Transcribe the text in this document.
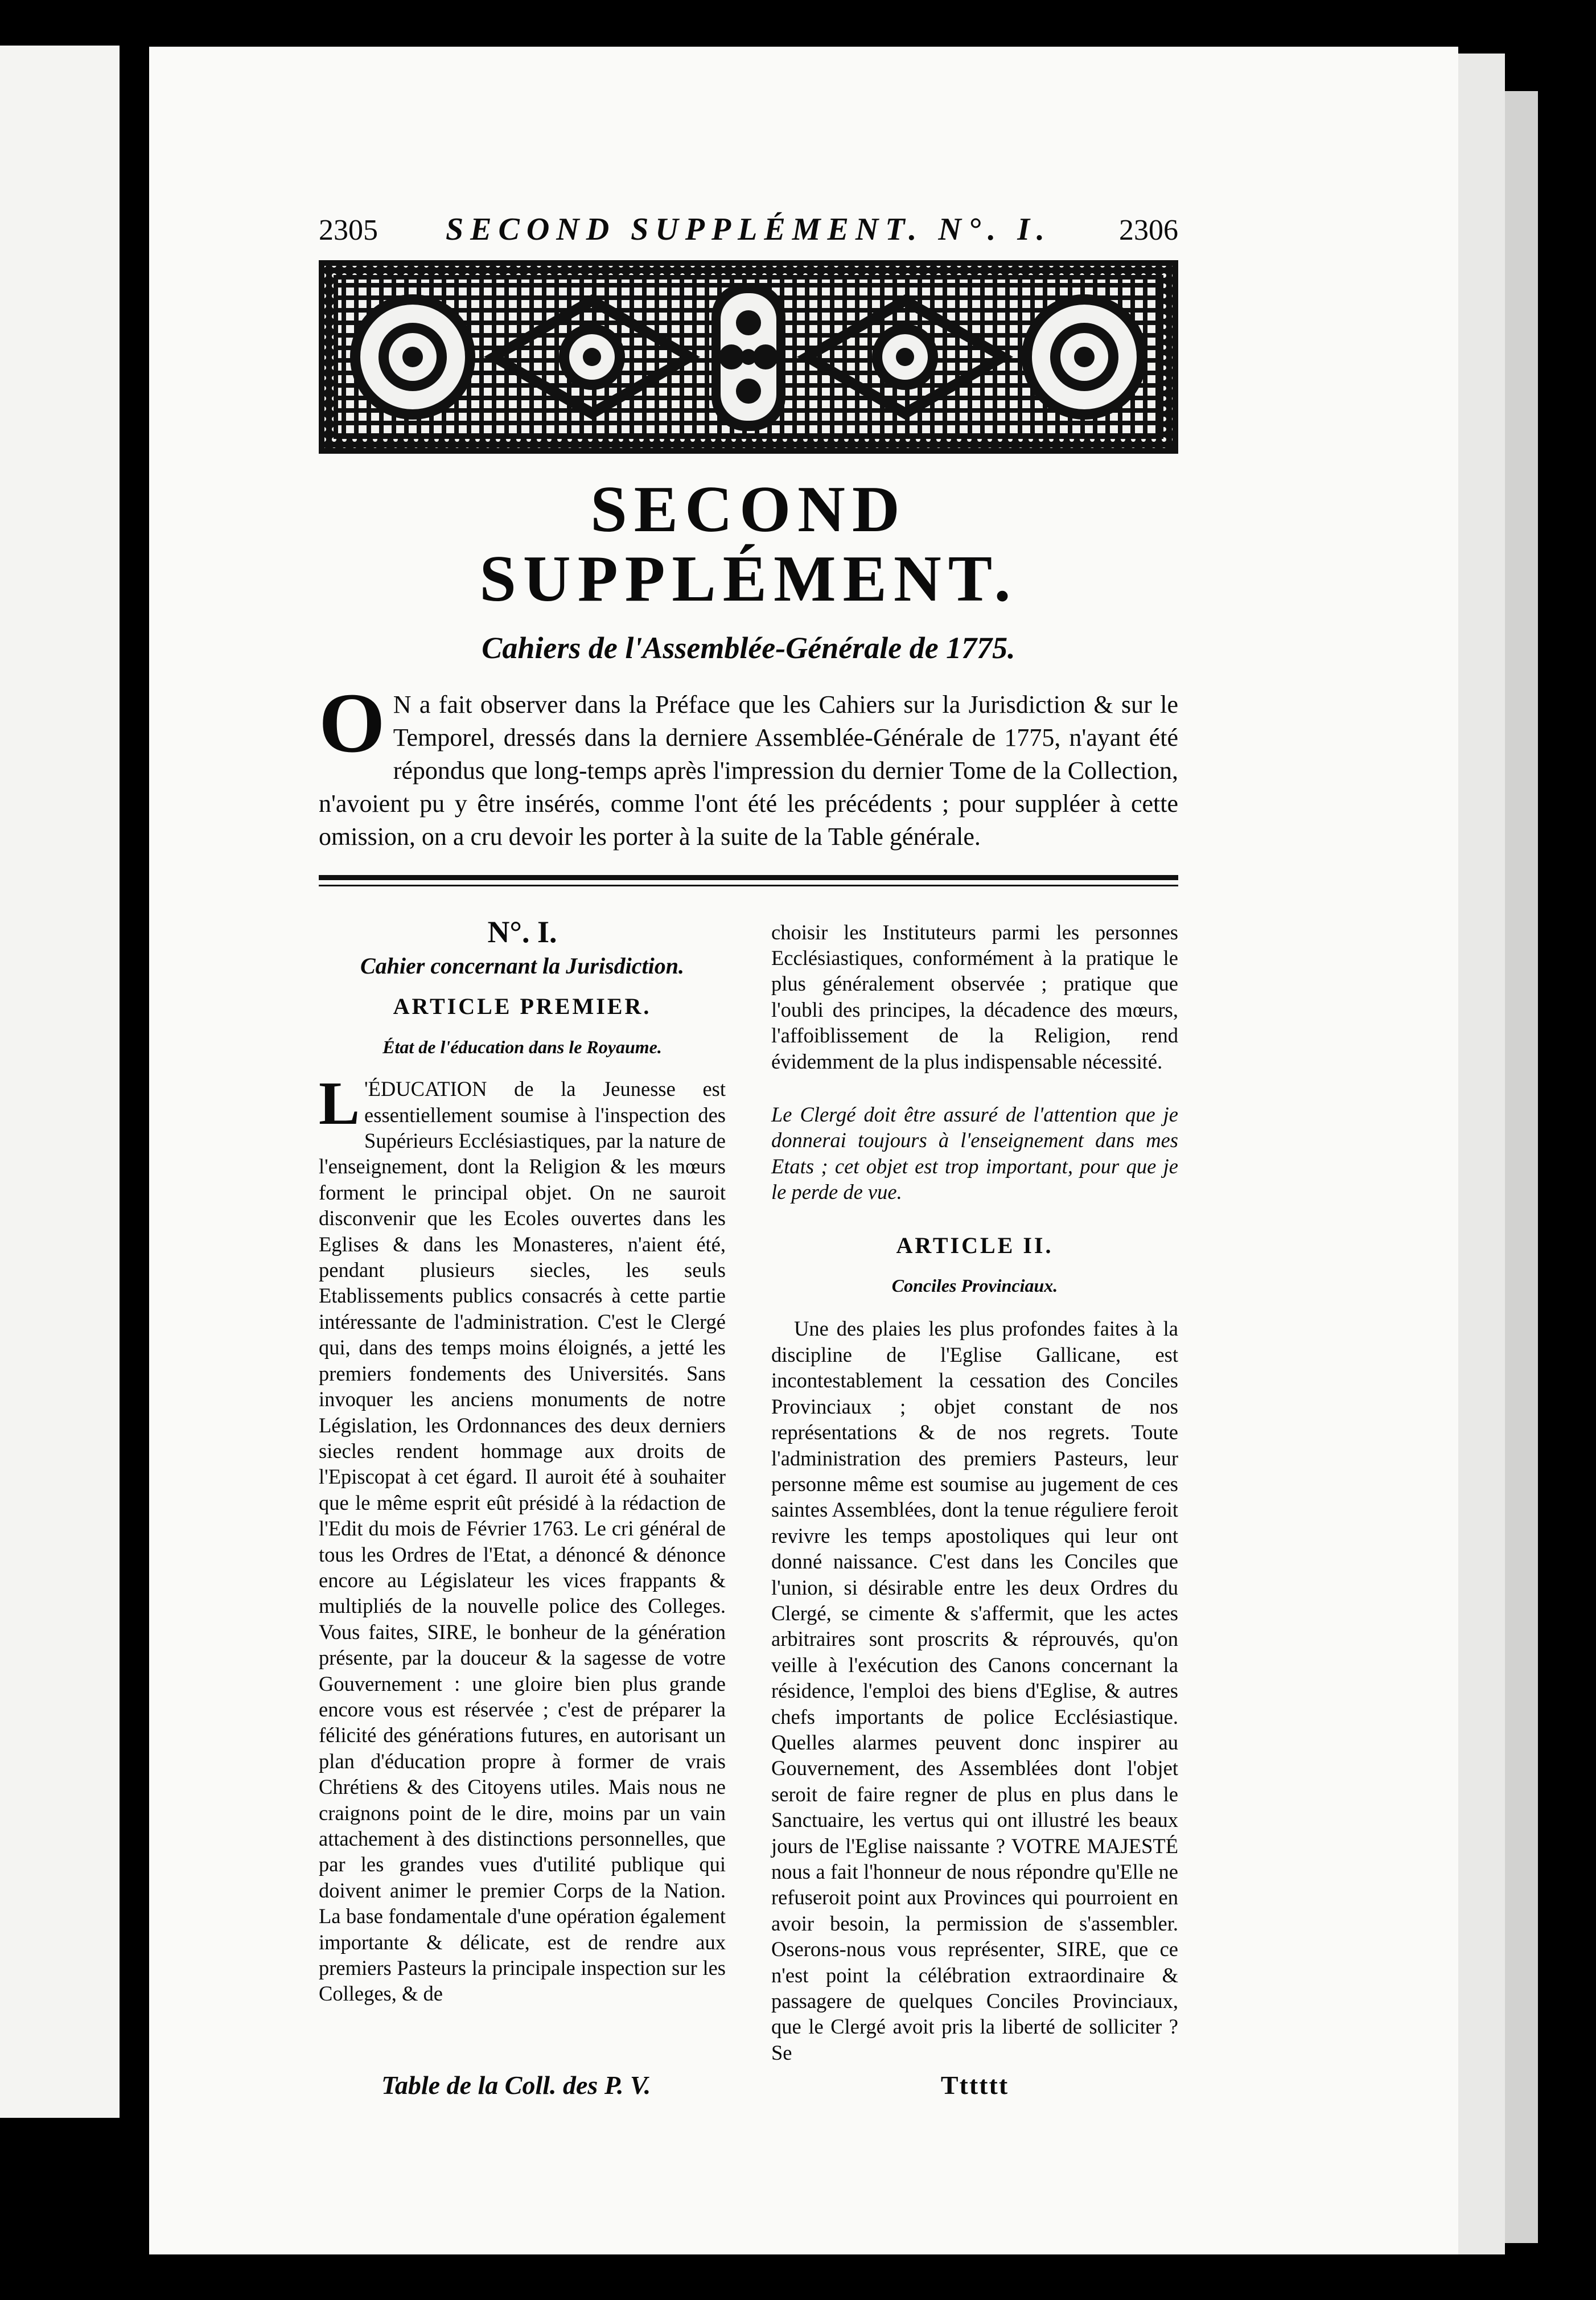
2305	SECOND SUPPLÉMENT. N°. I.	2306
SECOND SUPPLÉMENT.
Cahiers de l'Assemblée-Générale de 1775.
O N a fait observer dans la Préface que les Cahiers sur la Jurisdiction & sur le Temporel, dressés dans la derniere Assemblée-Générale de 1775, n'ayant été répondus que long-temps après l'impression du dernier Tome de la Collection, n'avoient pu y être insérés, comme l'ont été les précédents ; pour suppléer à cette omission, on a cru devoir les porter à la suite de la Table générale.
N°. I.
Cahier concernant la Jurisdiction.
ARTICLE PREMIER.
État de l'éducation dans le Royaume.

L 'ÉDUCATION de la Jeunesse est essentiellement soumise à l'inspection des Supérieurs Ecclésiastiques, par la nature de l'enseignement, dont la Religion & les mœurs forment le principal objet. On ne sauroit disconvenir que les Ecoles ouvertes dans les Eglises & dans les Monasteres, n'aient été, pendant plusieurs siecles, les seuls Etablissements publics consacrés à cette partie intéressante de l'administration. C'est le Clergé qui, dans des temps moins éloignés, a jetté les premiers fondements des Universités. Sans invoquer les anciens monuments de notre Législation, les Ordonnances des deux derniers siecles rendent hommage aux droits de l'Episcopat à cet égard. Il auroit été à souhaiter que le même esprit eût présidé à la rédaction de l'Edit du mois de Février 1763. Le cri général de tous les Ordres de l'Etat, a dénoncé & dénonce encore au Législateur les vices frappants & multipliés de la nouvelle police des Colleges. Vous faites, SIRE, le bonheur de la génération présente, par la douceur & la sagesse de votre Gouvernement : une gloire bien plus grande encore vous est réservée ; c'est de préparer la félicité des générations futures, en autorisant un plan d'éducation propre à former de vrais Chrétiens & des Citoyens utiles. Mais nous ne craignons point de le dire, moins par un vain attachement à des distinctions personnelles, que par les grandes vues d'utilité publique qui doivent animer le premier Corps de la Nation. La base fondamentale d'une opération également importante & délicate, est de rendre aux premiers Pasteurs la principale inspection sur les Colleges, & de

choisir les Instituteurs parmi les personnes Ecclésiastiques, conformément à la pratique le plus généralement observée ; pratique que l'oubli des principes, la décadence des mœurs, l'affoiblissement de la Religion, rend évidemment de la plus indispensable nécessité.

Le Clergé doit être assuré de l'attention que je donnerai toujours à l'enseignement dans mes Etats ; cet objet est trop important, pour que je le perde de vue.

ARTICLE II.
Conciles Provinciaux.

Une des plaies les plus profondes faites à la discipline de l'Eglise Gallicane, est incontestablement la cessation des Conciles Provinciaux ; objet constant de nos représentations & de nos regrets. Toute l'administration des premiers Pasteurs, leur personne même est soumise au jugement de ces saintes Assemblées, dont la tenue réguliere feroit revivre les temps apostoliques qui leur ont donné naissance. C'est dans les Conciles que l'union, si désirable entre les deux Ordres du Clergé, se cimente & s'affermit, que les actes arbitraires sont proscrits & réprouvés, qu'on veille à l'exécution des Canons concernant la résidence, l'emploi des biens d'Eglise, & autres chefs importants de police Ecclésiastique. Quelles alarmes peuvent donc inspirer au Gouvernement, des Assemblées dont l'objet seroit de faire regner de plus en plus dans le Sanctuaire, les vertus qui ont illustré les beaux jours de l'Eglise naissante ? VOTRE MAJESTÉ nous a fait l'honneur de nous répondre qu'Elle ne refuseroit point aux Provinces qui pourroient en avoir besoin, la permission de s'assembler. Oserons-nous vous représenter, SIRE, que ce n'est point la célébration extraordinaire & passagere de quelques Conciles Provinciaux, que le Clergé avoit pris la liberté de solliciter ? Se

Table de la Coll. des P. V.	Tttttt
